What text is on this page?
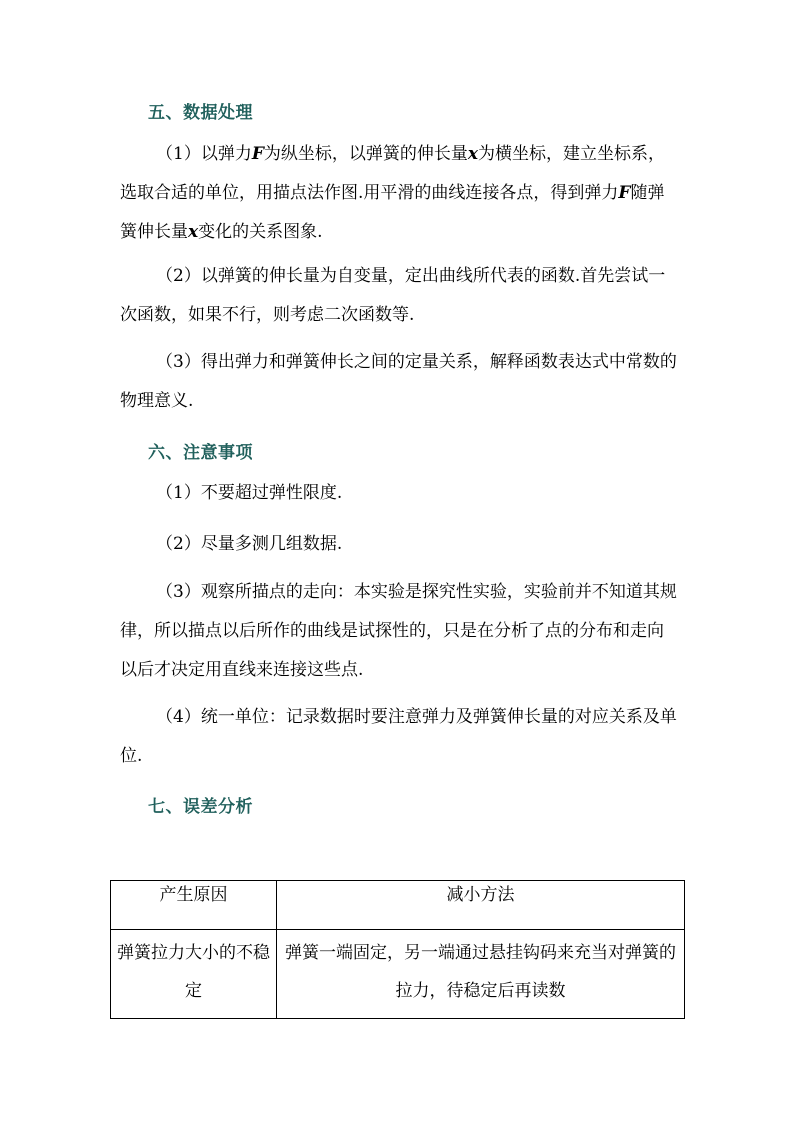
五、数据处理
（1）以弹力F为纵坐标，以弹簧的伸长量x为横坐标，建立坐标系，选取合适的单位，用描点法作图.用平滑的曲线连接各点，得到弹力F随弹簧伸长量x变化的关系图象.
（2）以弹簧的伸长量为自变量，定出曲线所代表的函数.首先尝试一次函数，如果不行，则考虑二次函数等.
（3）得出弹力和弹簧伸长之间的定量关系，解释函数表达式中常数的物理意义.
六、注意事项
（1）不要超过弹性限度.
（2）尽量多测几组数据.
（3）观察所描点的走向：本实验是探究性实验，实验前并不知道其规律，所以描点以后所作的曲线是试探性的，只是在分析了点的分布和走向以后才决定用直线来连接这些点.
（4）统一单位：记录数据时要注意弹力及弹簧伸长量的对应关系及单位.
七、误差分析
产生原因	减小方法
弹簧拉力大小的不稳定	弹簧一端固定，另一端通过悬挂钩码来充当对弹簧的拉力，待稳定后再读数
